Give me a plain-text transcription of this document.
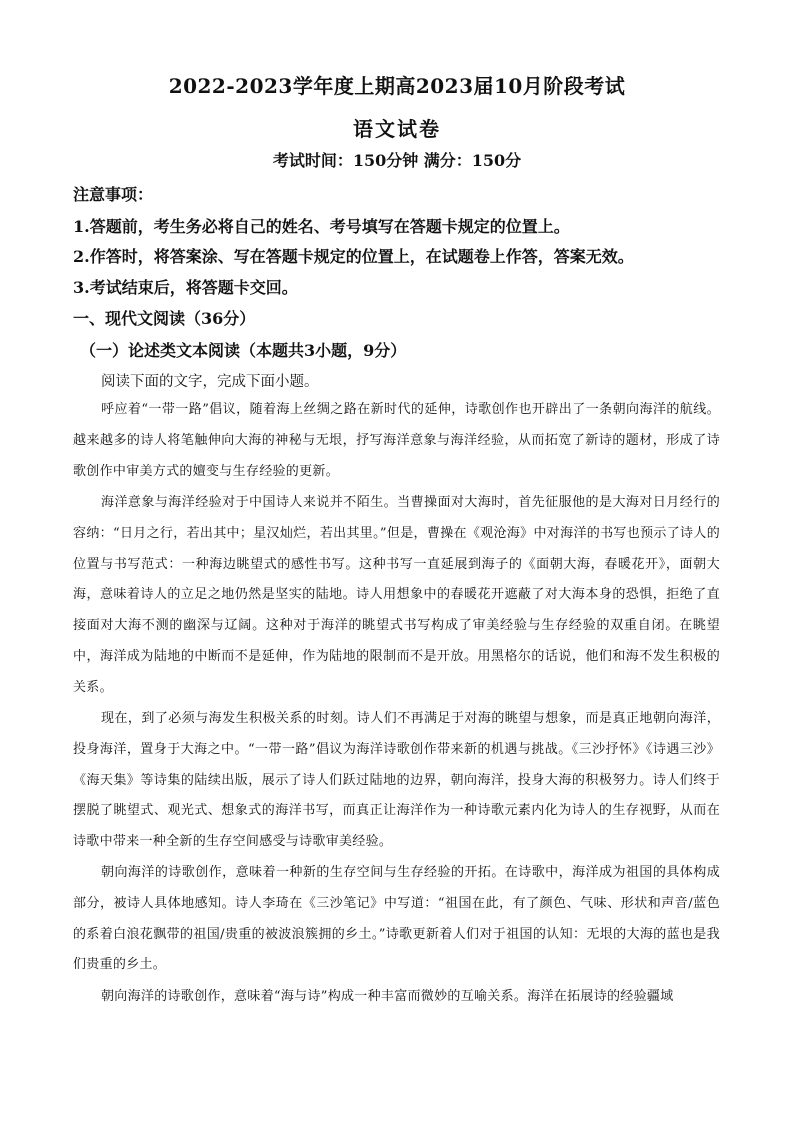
2022-2023学年度上期高2023届10月阶段考试
语文试卷
考试时间：150分钟 满分：150分
注意事项：
1.答题前，考生务必将自己的姓名、考号填写在答题卡规定的位置上。
2.作答时，将答案涂、写在答题卡规定的位置上，在试题卷上作答，答案无效。
3.考试结束后，将答题卡交回。
一、现代文阅读（36分）
（一）论述类文本阅读（本题共3小题，9分）
阅读下面的文字，完成下面小题。
呼应着“一带一路”倡议，随着海上丝绸之路在新时代的延伸，诗歌创作也开辟出了一条朝向海洋的航线。越来越多的诗人将笔触伸向大海的神秘与无垠，抒写海洋意象与海洋经验，从而拓宽了新诗的题材，形成了诗歌创作中审美方式的嬗变与生存经验的更新。
海洋意象与海洋经验对于中国诗人来说并不陌生。当曹操面对大海时，首先征服他的是大海对日月经行的容纳：“日月之行，若出其中；星汉灿烂，若出其里。”但是，曹操在《观沧海》中对海洋的书写也预示了诗人的位置与书写范式：一种海边眺望式的感性书写。这种书写一直延展到海子的《面朝大海，春暖花开》，面朝大海，意味着诗人的立足之地仍然是坚实的陆地。诗人用想象中的春暖花开遮蔽了对大海本身的恐惧，拒绝了直接面对大海不测的幽深与辽阔。这种对于海洋的眺望式书写构成了审美经验与生存经验的双重自闭。在眺望中，海洋成为陆地的中断而不是延伸，作为陆地的限制而不是开放。用黑格尔的话说，他们和海不发生积极的关系。
现在，到了必须与海发生积极关系的时刻。诗人们不再满足于对海的眺望与想象，而是真正地朝向海洋，投身海洋，置身于大海之中。“一带一路”倡议为海洋诗歌创作带来新的机遇与挑战。《三沙抒怀》《诗遇三沙》《海天集》等诗集的陆续出版，展示了诗人们跃过陆地的边界，朝向海洋，投身大海的积极努力。诗人们终于摆脱了眺望式、观光式、想象式的海洋书写，而真正让海洋作为一种诗歌元素内化为诗人的生存视野，从而在诗歌中带来一种全新的生存空间感受与诗歌审美经验。
朝向海洋的诗歌创作，意味着一种新的生存空间与生存经验的开拓。在诗歌中，海洋成为祖国的具体构成部分，被诗人具体地感知。诗人李琦在《三沙笔记》中写道：“祖国在此，有了颜色、气味、形状和声音/蓝色的系着白浪花飘带的祖国/贵重的被波浪簇拥的乡土。”诗歌更新着人们对于祖国的认知：无垠的大海的蓝也是我们贵重的乡土。
朝向海洋的诗歌创作，意味着“海与诗”构成一种丰富而微妙的互喻关系。海洋在拓展诗的经验疆域
